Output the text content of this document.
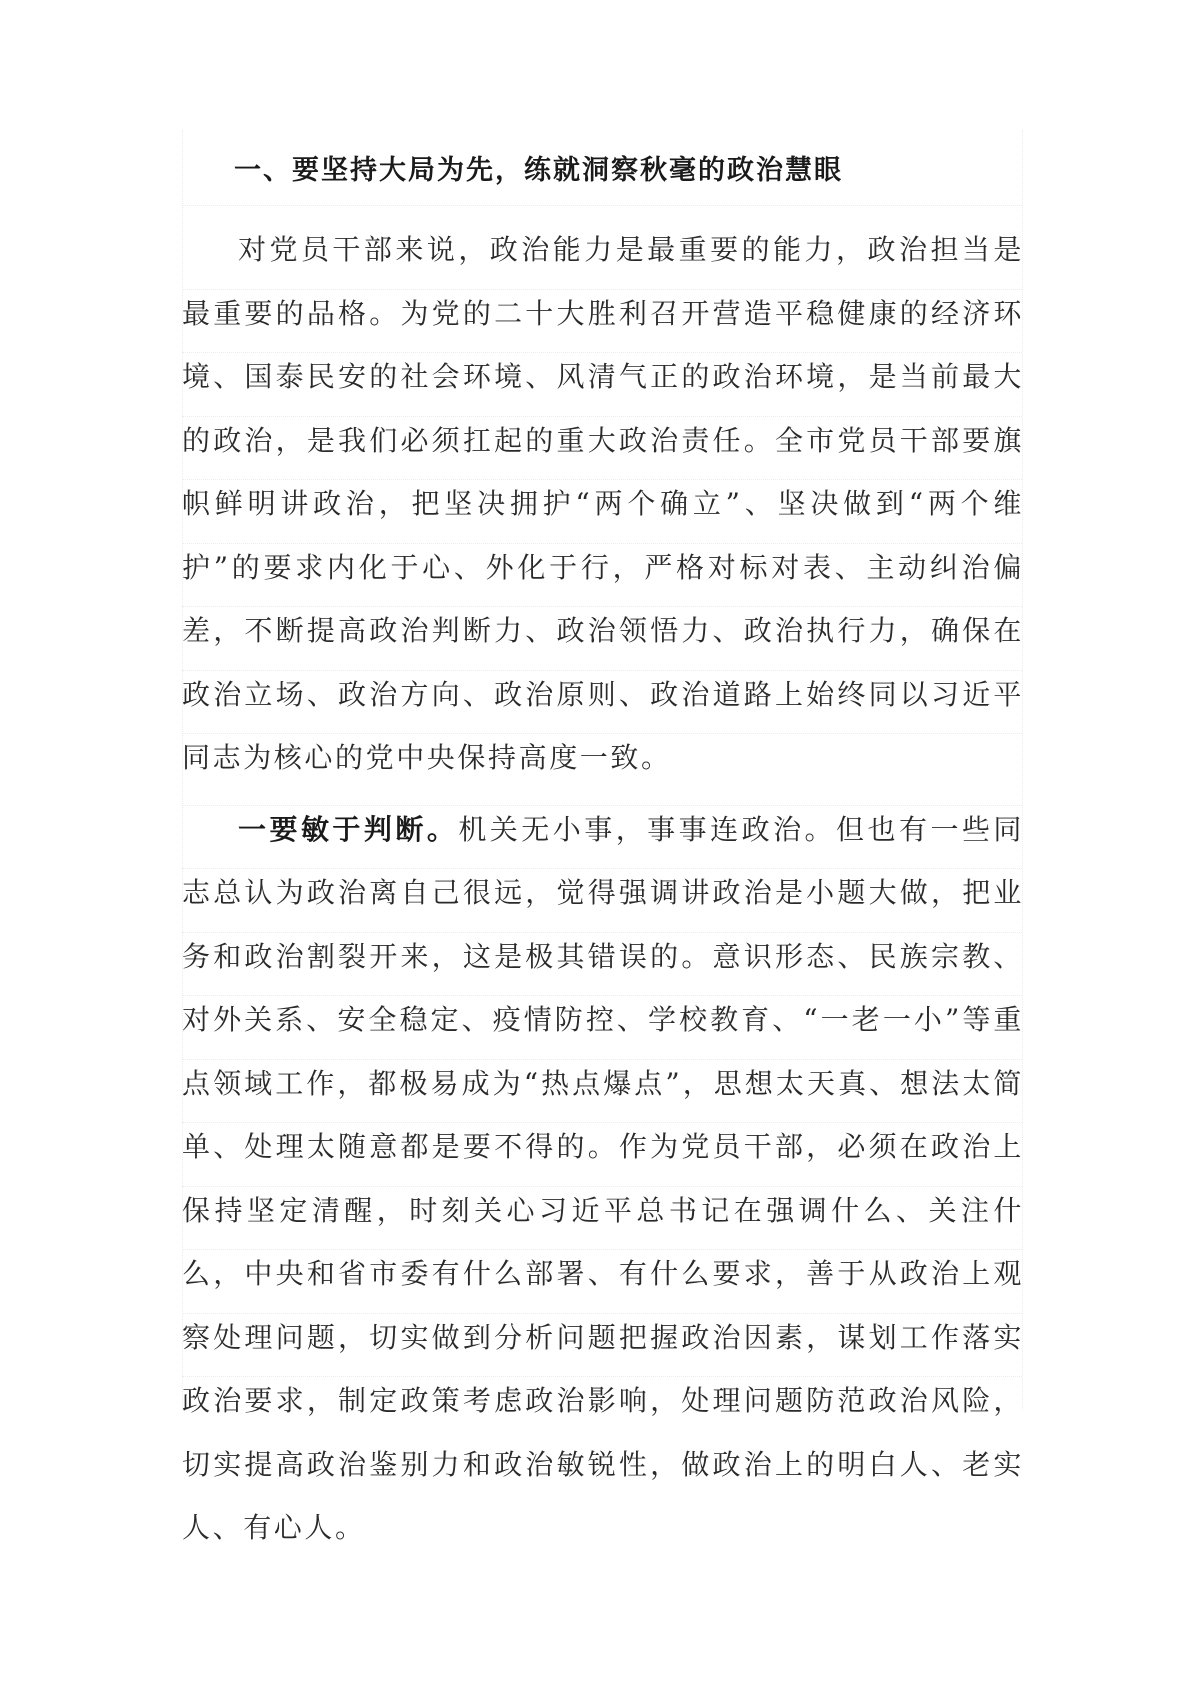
一、要坚持大局为先，练就洞察秋毫的政治慧眼

对党员干部来说，政治能力是最重要的能力，政治担当是最重要的品格。为党的二十大胜利召开营造平稳健康的经济环境、国泰民安的社会环境、风清气正的政治环境，是当前最大的政治，是我们必须扛起的重大政治责任。全市党员干部要旗帜鲜明讲政治，把坚决拥护“两个确立”、坚决做到“两个维护”的要求内化于心、外化于行，严格对标对表、主动纠治偏差，不断提高政治判断力、政治领悟力、政治执行力，确保在政治立场、政治方向、政治原则、政治道路上始终同以习近平同志为核心的党中央保持高度一致。

一要敏于判断。机关无小事，事事连政治。但也有一些同志总认为政治离自己很远，觉得强调讲政治是小题大做，把业务和政治割裂开来，这是极其错误的。意识形态、民族宗教、对外关系、安全稳定、疫情防控、学校教育、“一老一小”等重点领域工作，都极易成为“热点爆点”，思想太天真、想法太简单、处理太随意都是要不得的。作为党员干部，必须在政治上保持坚定清醒，时刻关心习近平总书记在强调什么、关注什么，中央和省市委有什么部署、有什么要求，善于从政治上观察处理问题，切实做到分析问题把握政治因素，谋划工作落实政治要求，制定政策考虑政治影响，处理问题防范政治风险，切实提高政治鉴别力和政治敏锐性，做政治上的明白人、老实人、有心人。
